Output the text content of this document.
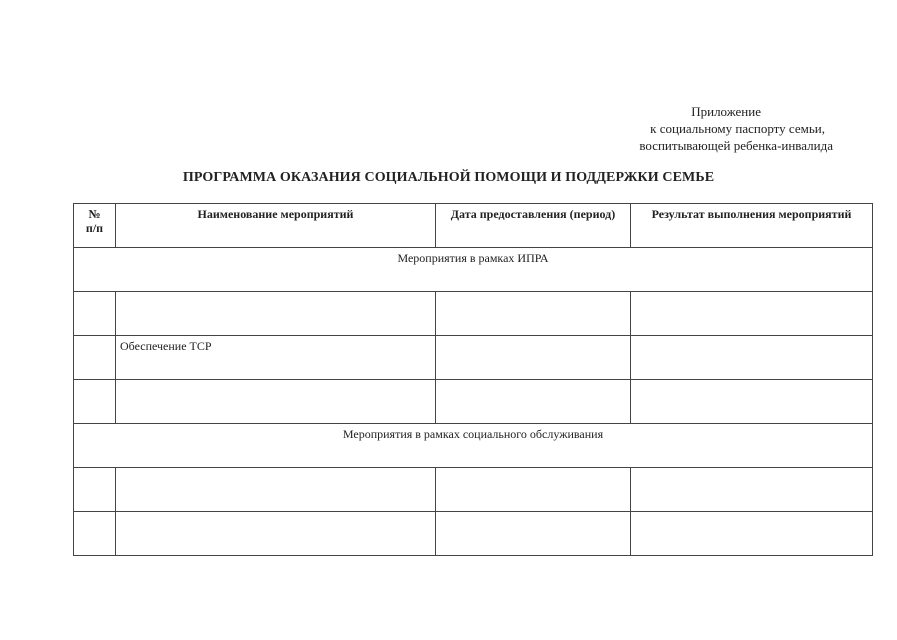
Приложение
к социальному паспорту семьи,
воспитывающей ребенка-инвалида
ПРОГРАММА ОКАЗАНИЯ СОЦИАЛЬНОЙ ПОМОЩИ И ПОДДЕРЖКИ СЕМЬЕ
№
п/п	Наименование мероприятий	Дата предоставления (период)	Результат выполнения мероприятий
Мероприятия в рамках ИПРА			

	Обеспечение ТСР		

Мероприятия в рамках социального обслуживания			
